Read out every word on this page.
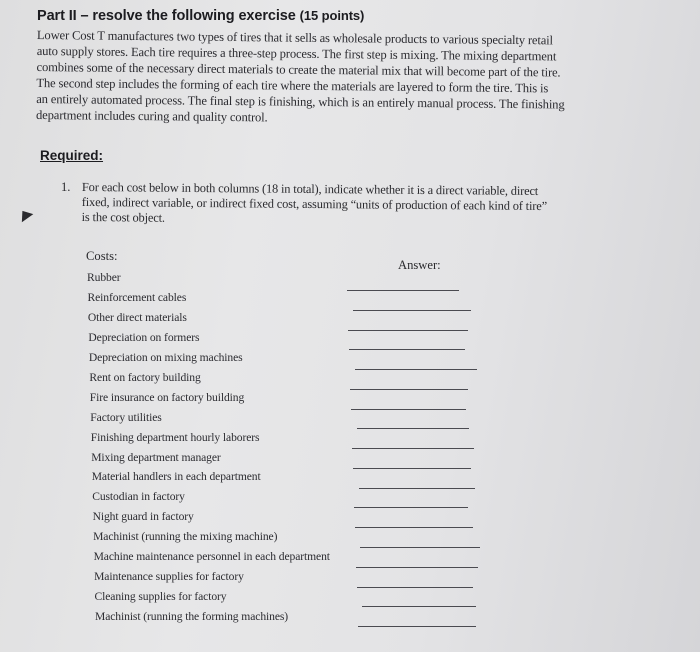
Part II – resolve the following exercise (15 points)
Lower Cost T manufactures two types of tires that it sells as wholesale products to various specialty retail
auto supply stores. Each tire requires a three-step process. The first step is mixing. The mixing department
combines some of the necessary direct materials to create the material mix that will become part of the tire.
The second step includes the forming of each tire where the materials are layered to form the tire. This is
an entirely automated process. The final step is finishing, which is an entirely manual process. The finishing
department includes curing and quality control.
Required:
1. For each cost below in both columns (18 in total), indicate whether it is a direct variable, direct
fixed, indirect variable, or indirect fixed cost, assuming “units of production of each kind of tire”
is the cost object.
Costs:
Answer:
Rubber
Reinforcement cables
Other direct materials
Depreciation on formers
Depreciation on mixing machines
Rent on factory building
Fire insurance on factory building
Factory utilities
Finishing department hourly laborers
Mixing department manager
Material handlers in each department
Custodian in factory
Night guard in factory
Machinist (running the mixing machine)
Machine maintenance personnel in each department
Maintenance supplies for factory
Cleaning supplies for factory
Machinist (running the forming machines)
